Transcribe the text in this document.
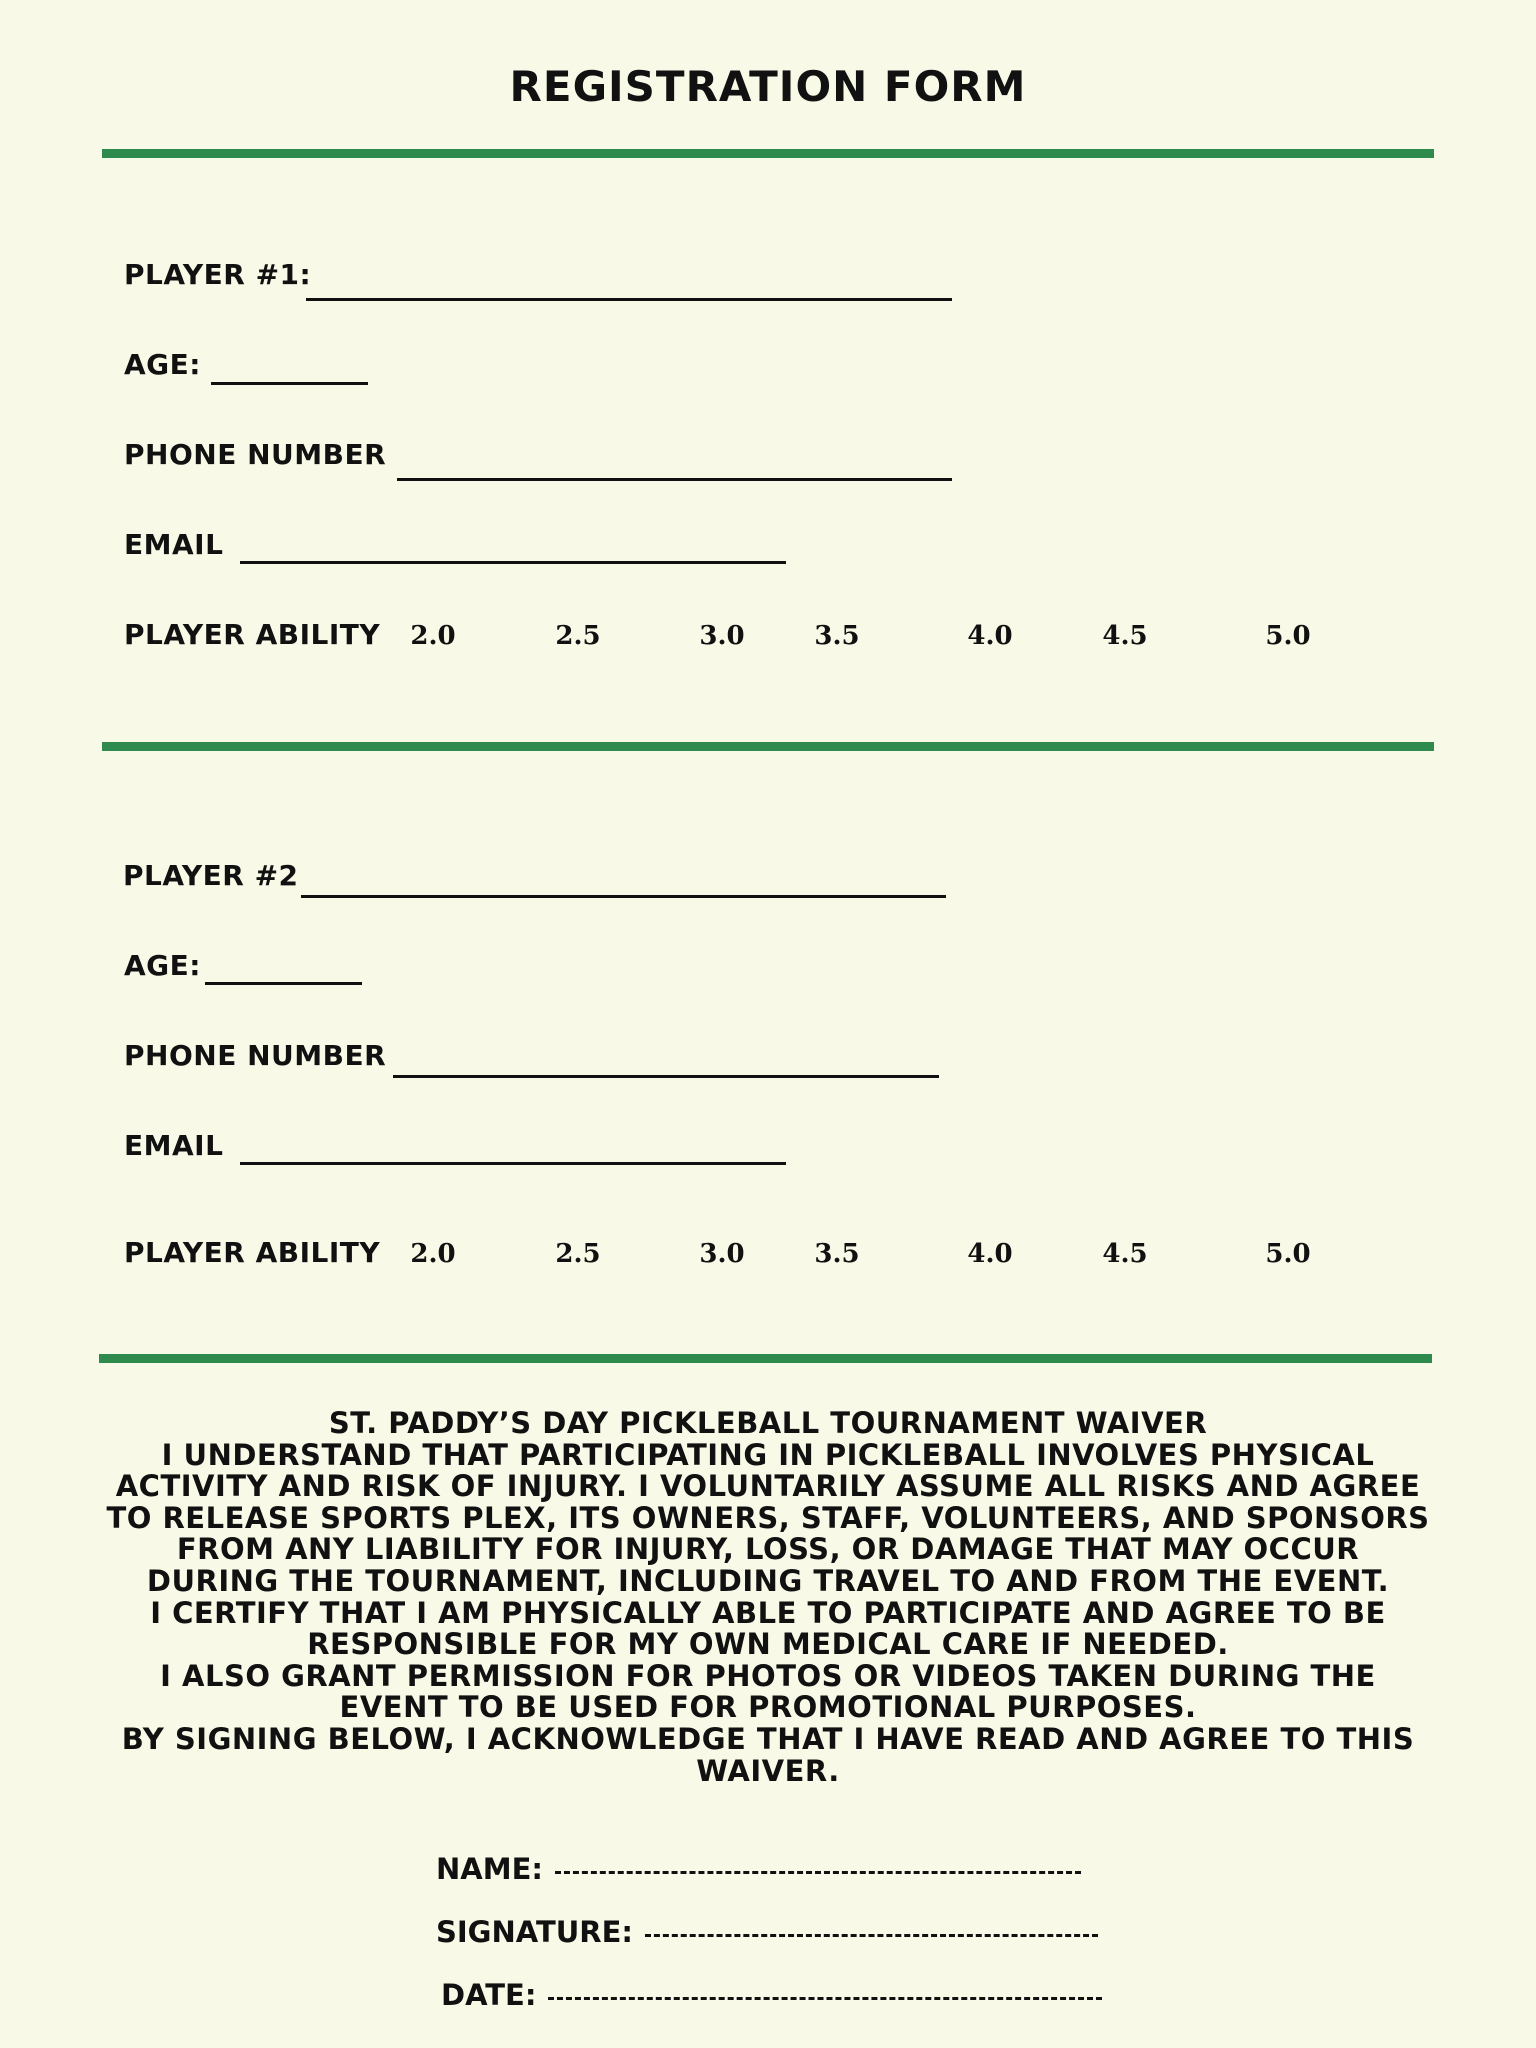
REGISTRATION FORM
PLAYER #1:
AGE:
PHONE NUMBER
EMAIL
PLAYER ABILITY 2.0	2.5	3.0	3.5	4.0	4.5	5.0
PLAYER #2
AGE:
PHONE NUMBER
EMAIL
PLAYER ABILITY 2.0	2.5	3.0	3.5	4.0	4.5	5.0
ST. PADDY’S DAY PICKLEBALL TOURNAMENT WAIVER
I UNDERSTAND THAT PARTICIPATING IN PICKLEBALL INVOLVES PHYSICAL
ACTIVITY AND RISK OF INJURY. I VOLUNTARILY ASSUME ALL RISKS AND AGREE
TO RELEASE SPORTS PLEX, ITS OWNERS, STAFF, VOLUNTEERS, AND SPONSORS
FROM ANY LIABILITY FOR INJURY, LOSS, OR DAMAGE THAT MAY OCCUR
DURING THE TOURNAMENT, INCLUDING TRAVEL TO AND FROM THE EVENT.
I CERTIFY THAT I AM PHYSICALLY ABLE TO PARTICIPATE AND AGREE TO BE
RESPONSIBLE FOR MY OWN MEDICAL CARE IF NEEDED.
I ALSO GRANT PERMISSION FOR PHOTOS OR VIDEOS TAKEN DURING THE
EVENT TO BE USED FOR PROMOTIONAL PURPOSES.
BY SIGNING BELOW, I ACKNOWLEDGE THAT I HAVE READ AND AGREE TO THIS
WAIVER.
NAME:
SIGNATURE:
DATE:
